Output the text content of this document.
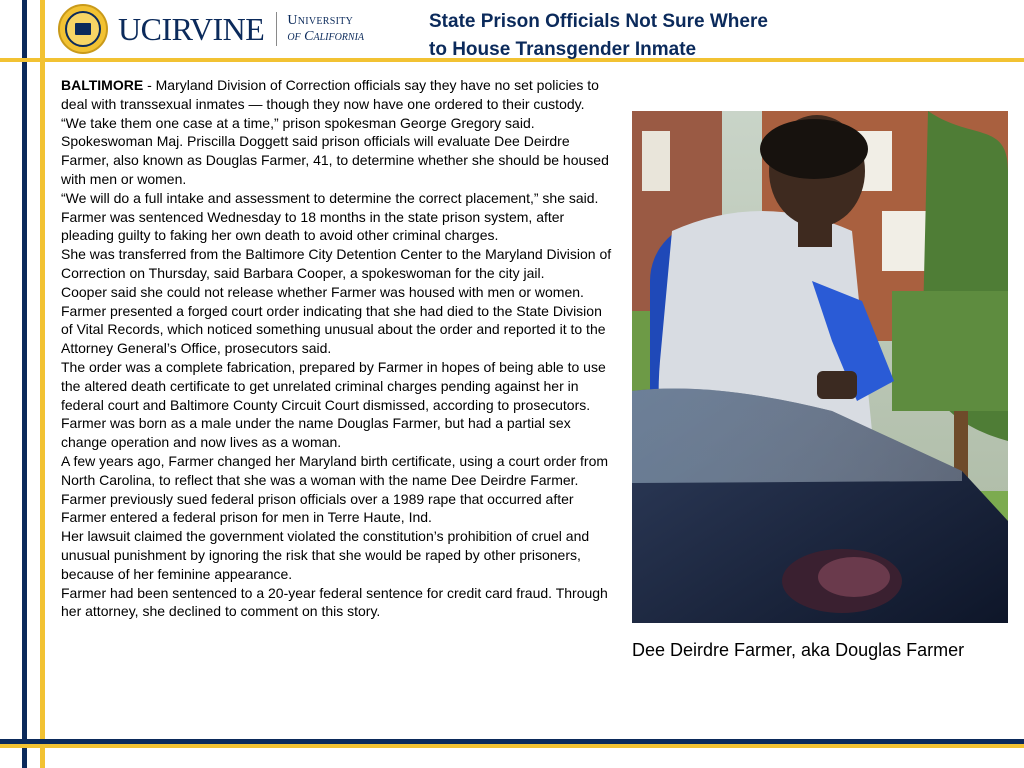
UCIRVINE University
of California
State Prison Officials Not Sure Where
to House Transgender Inmate

BALTIMORE - Maryland Division of Correction officials say they have no set policies to deal with transsexual inmates — though they now have one ordered to their custody.

“We take them one case at a time,” prison spokesman George Gregory said.

Spokeswoman Maj. Priscilla Doggett said prison officials will evaluate Dee Deirdre Farmer, also known as Douglas Farmer, 41, to determine whether she should be housed with men or women.

“We will do a full intake and assessment to determine the correct placement,” she said.

Farmer was sentenced Wednesday to 18 months in the state prison system, after pleading guilty to faking her own death to avoid other criminal charges.

She was transferred from the Baltimore City Detention Center to the Maryland Division of Correction on Thursday, said Barbara Cooper, a spokeswoman for the city jail.

Cooper said she could not release whether Farmer was housed with men or women.

Farmer presented a forged court order indicating that she had died to the State Division of Vital Records, which noticed something unusual about the order and reported it to the Attorney General’s Office, prosecutors said.

The order was a complete fabrication, prepared by Farmer in hopes of being able to use the altered death certificate to get unrelated criminal charges pending against her in federal court and Baltimore County Circuit Court dismissed, according to prosecutors.

Farmer was born as a male under the name Douglas Farmer, but had a partial sex change operation and now lives as a woman.

A few years ago, Farmer changed her Maryland birth certificate, using a court order from North Carolina, to reflect that she was a woman with the name Dee Deirdre Farmer.

Farmer previously sued federal prison officials over a 1989 rape that occurred after Farmer entered a federal prison for men in Terre Haute, Ind.

Her lawsuit claimed the government violated the constitution’s prohibition of cruel and unusual punishment by ignoring the risk that she would be raped by other prisoners, because of her feminine appearance.

Farmer had been sentenced to a 20-year federal sentence for credit card fraud. Through her attorney, she declined to comment on this story.

Dee Deirdre Farmer, aka Douglas Farmer
